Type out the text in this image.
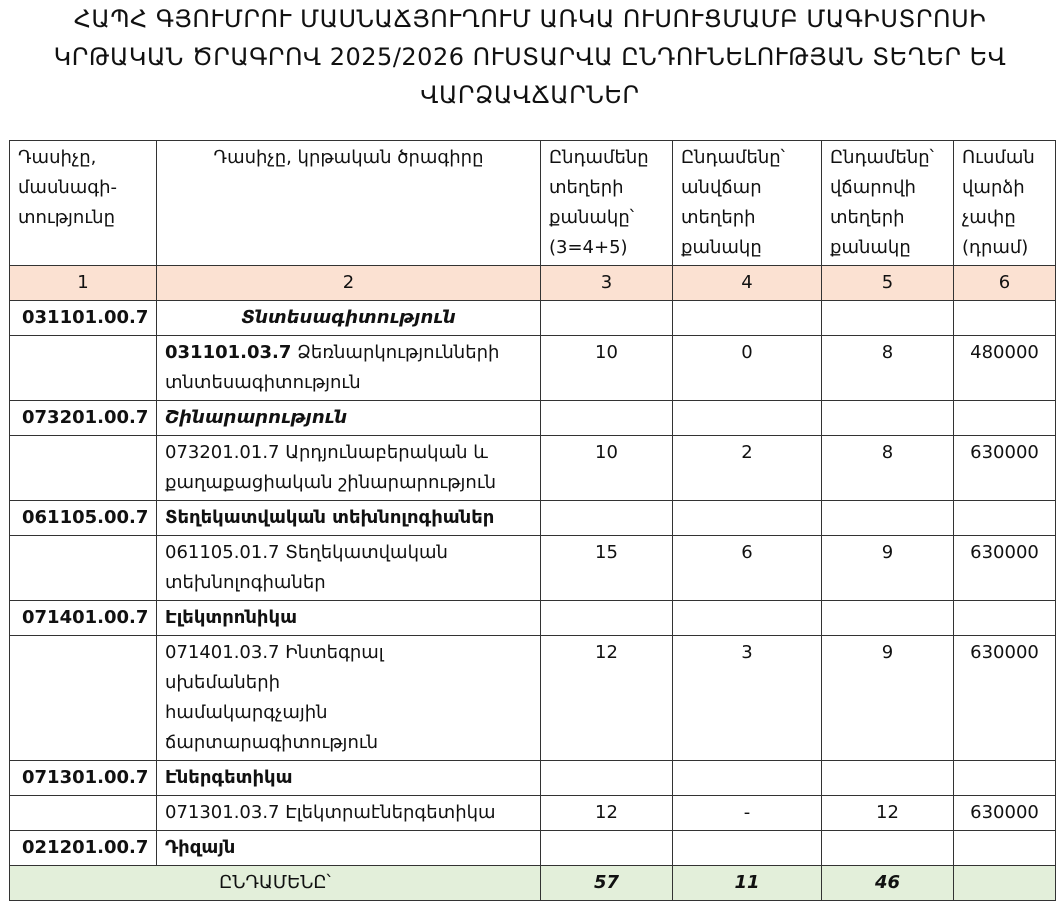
ՀԱՊՀ ԳՅՈՒՄՐՈՒ ՄԱՍՆԱՃՅՈՒՂՈՒՄ ԱՌԿԱ ՈՒՍՈՒՑՄԱՄԲ ՄԱԳԻՍՏՐՈՍԻ
ԿՐԹԱԿԱՆ ԾՐԱԳՐՈՎ 2025/2026 ՈՒՍՏԱՐՎԱ ԸՆԴՈՒՆԵԼՈՒԹՅԱՆ ՏԵՂԵՐ ԵՎ
ՎԱՐՁԱՎՃԱՐՆԵՐ
Դասիչը, մասնագի-տությունը	Դասիչը, կրթական ծրագիրը	Ընդամենը տեղերի քանակը՝ (3=4+5)	Ընդամենը՝ անվճար տեղերի քանակը	Ընդամենը՝ վճարովի տեղերի քանակը	Ուսման վարձի չափը (դրամ)
1	2	3	4	5	6
031101.00.7	Տնտեսագիտություն				
	031101.03.7 Ձեռնարկությունների տնտեսագիտություն	10	0	8	480000
073201.00.7	Շինարարություն				
	073201.01.7 Արդյունաբերական և քաղաքացիական շինարարություն	10	2	8	630000
061105.00.7	Տեղեկատվական տեխնոլոգիաներ				
	061105.01.7 Տեղեկատվական տեխնոլոգիաներ	15	6	9	630000
071401.00.7	Էլեկտրոնիկա				
	071401.03.7 Ինտեգրալ սխեմաների համակարգչային ճարտարագիտություն	12	3	9	630000
071301.00.7	Էներգետիկա				
	071301.03.7 Էլեկտրաէներգետիկա	12	-	12	630000
021201.00.7	Դիզայն				
ԸՆԴԱՄԵՆԸ՝		57	11	46	
